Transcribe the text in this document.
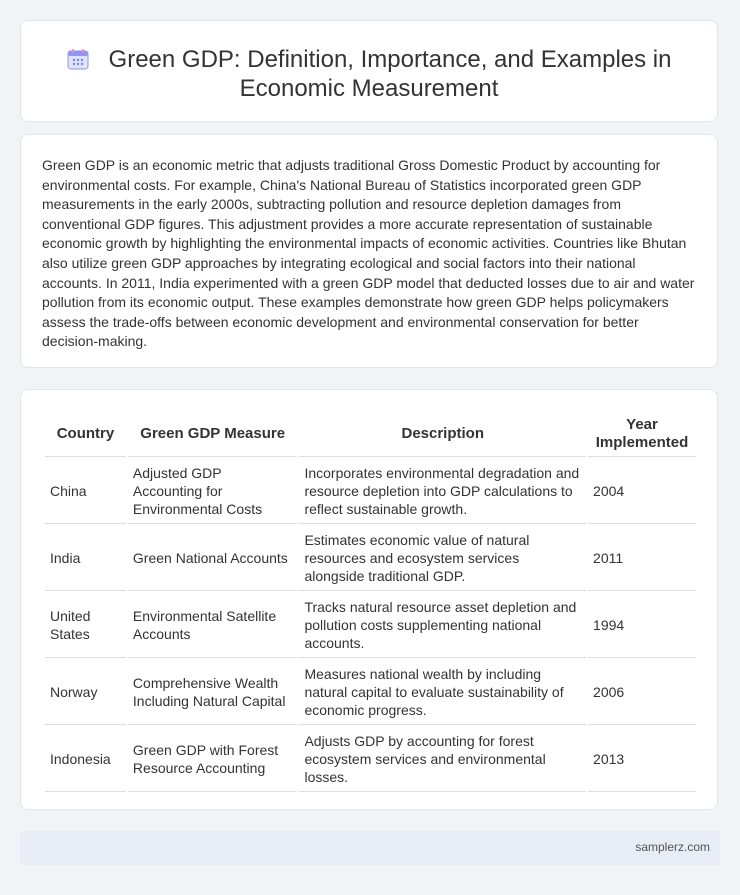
Green GDP: Definition, Importance, and Examples in Economic Measurement

Green GDP is an economic metric that adjusts traditional Gross Domestic Product by accounting for environmental costs. For example, China's National Bureau of Statistics incorporated green GDP measurements in the early 2000s, subtracting pollution and resource depletion damages from conventional GDP figures. This adjustment provides a more accurate representation of sustainable economic growth by highlighting the environmental impacts of economic activities. Countries like Bhutan also utilize green GDP approaches by integrating ecological and social factors into their national accounts. In 2011, India experimented with a green GDP model that deducted losses due to air and water pollution from its economic output. These examples demonstrate how green GDP helps policymakers assess the trade-offs between economic development and environmental conservation for better decision-making.

Country	Green GDP Measure	Description	Year Implemented
China	Adjusted GDP Accounting for Environmental Costs	Incorporates environmental degradation and resource depletion into GDP calculations to reflect sustainable growth.	2004
India	Green National Accounts	Estimates economic value of natural resources and ecosystem services alongside traditional GDP.	2011
United States	Environmental Satellite Accounts	Tracks natural resource asset depletion and pollution costs supplementing national accounts.	1994
Norway	Comprehensive Wealth Including Natural Capital	Measures national wealth by including natural capital to evaluate sustainability of economic progress.	2006
Indonesia	Green GDP with Forest Resource Accounting	Adjusts GDP by accounting for forest ecosystem services and environmental losses.	2013
samplerz.com
